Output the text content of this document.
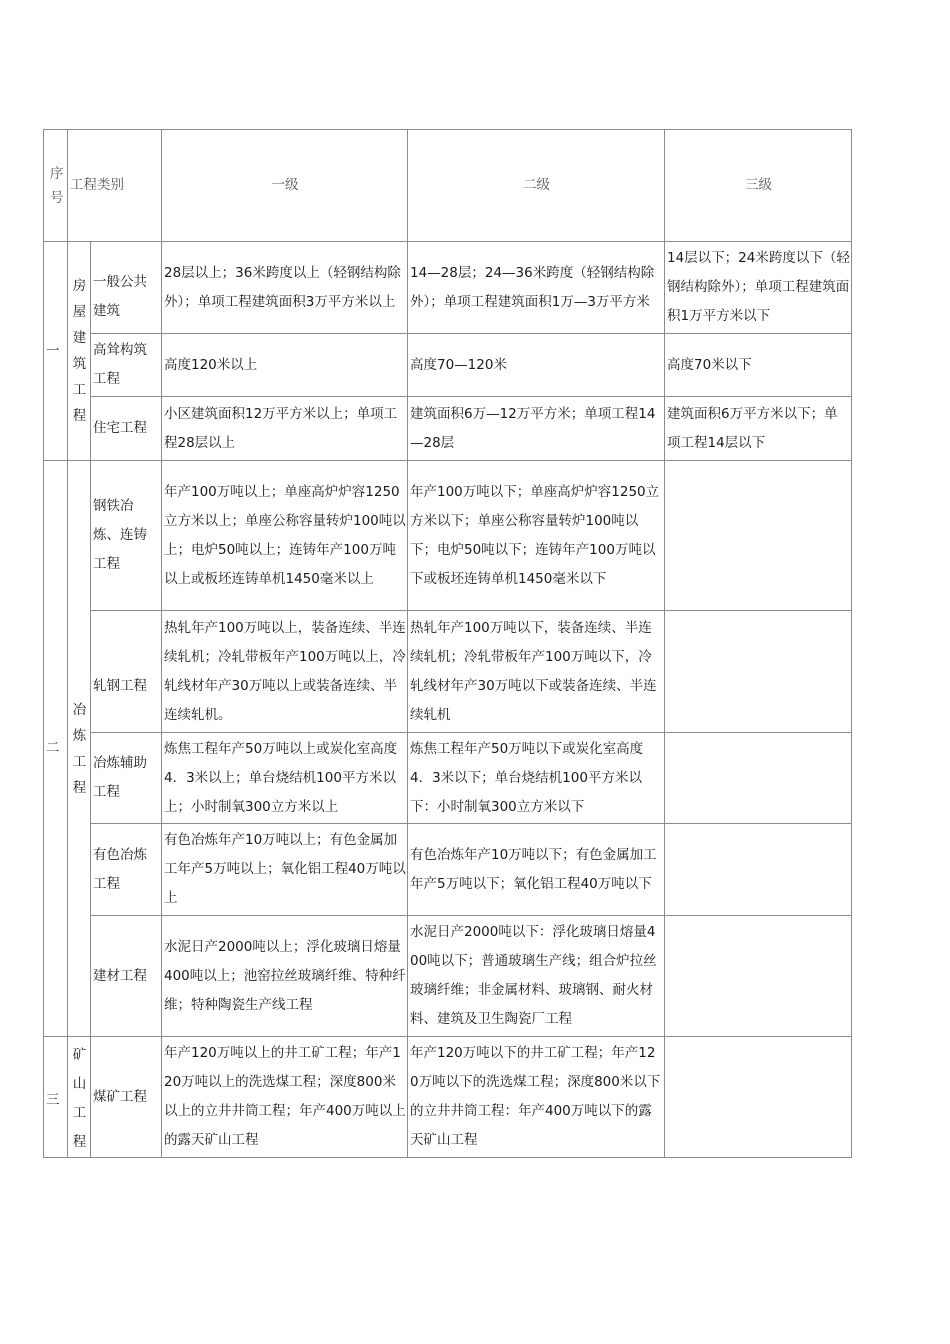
序号	工程类别		一级	二级	三级
一	房屋建筑工程	一般公共建筑	28层以上；36米跨度以上（轻钢结构除外）；单项工程建筑面积3万平方米以上	14—28层；24—36米跨度（轻钢结构除外）；单项工程建筑面积1万—3万平方米	14层以下；24米跨度以下（轻钢结构除外）；单项工程建筑面积1万平方米以下
		高耸构筑工程	高度120米以上	高度70—120米	高度70米以下
		住宅工程	小区建筑面积12万平方米以上；单项工程28层以上	建筑面积6万—12万平方米；单项工程14—28层	建筑面积6万平方米以下；单项工程14层以下
二	冶炼工程	钢铁冶炼、连铸工程	年产100万吨以上；单座高炉炉容1250立方米以上；单座公称容量转炉100吨以上；电炉50吨以上；连铸年产100万吨以上或板坯连铸单机1450毫米以上	年产100万吨以下；单座高炉炉容1250立方米以下；单座公称容量转炉100吨以下；电炉50吨以下；连铸年产100万吨以下或板坯连铸单机1450毫米以下	
		轧钢工程	热轧年产100万吨以上，装备连续、半连续轧机；冷轧带板年产100万吨以上，冷轧线材年产30万吨以上或装备连续、半连续轧机。	热轧年产100万吨以下，装备连续、半连续轧机；冷轧带板年产100万吨以下，冷轧线材年产30万吨以下或装备连续、半连续轧机	
		冶炼辅助工程	炼焦工程年产50万吨以上或炭化室高度4．3米以上；单台烧结机100平方米以上；小时制氧300立方米以上	炼焦工程年产50万吨以下或炭化室高度4．3米以下；单台烧结机100平方米以下：小时制氧300立方米以下	
		有色冶炼工程	有色冶炼年产10万吨以上；有色金属加工年产5万吨以上；氧化铝工程40万吨以上	有色冶炼年产10万吨以下；有色金属加工年产5万吨以下；氧化铝工程40万吨以下	
		建材工程	水泥日产2000吨以上；浮化玻璃日熔量400吨以上；池窑拉丝玻璃纤维、特种纤维；特种陶瓷生产线工程	水泥日产2000吨以下：浮化玻璃日熔量400吨以下；普通玻璃生产线；组合炉拉丝玻璃纤维；非金属材料、玻璃钢、耐火材料、建筑及卫生陶瓷厂工程	
三	矿山工程	煤矿工程	年产120万吨以上的井工矿工程；年产120万吨以上的洗选煤工程；深度800米以上的立井井筒工程；年产400万吨以上的露天矿山工程	年产120万吨以下的井工矿工程；年产120万吨以下的洗选煤工程；深度800米以下的立井井筒工程：年产400万吨以下的露天矿山工程	
